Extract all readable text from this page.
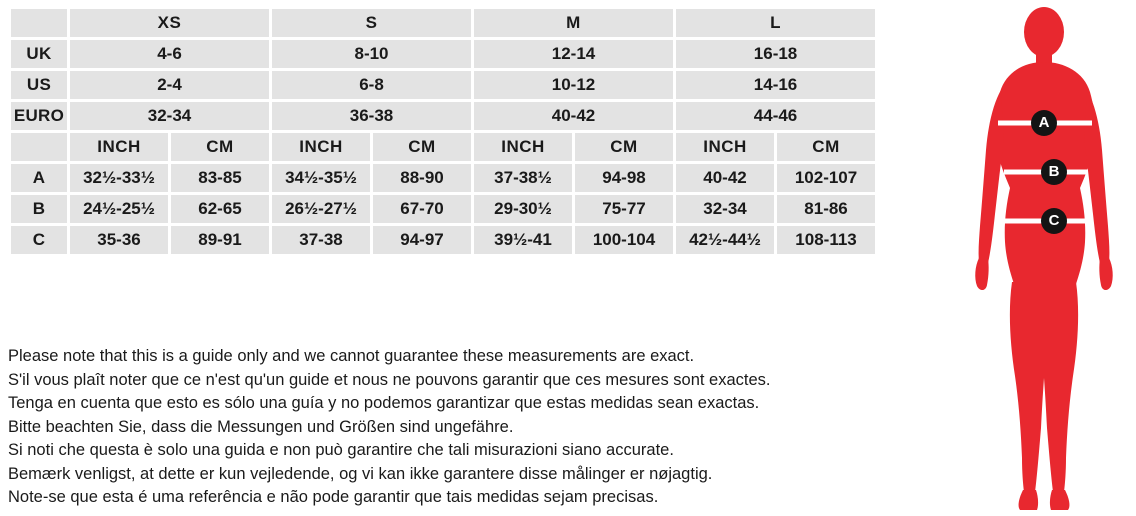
	XS		S		M		L	
UK	4-6		8-10		12-14		16-18	
US	2-4		6-8		10-12		14-16	
EURO	32-34		36-38		40-42		44-46	
	INCH	CM	INCH	CM	INCH	CM	INCH	CM
A	32½-33½	83-85	34½-35½	88-90	37-38½	94-98	40-42	102-107
B	24½-25½	62-65	26½-27½	67-70	29-30½	75-77	32-34	81-86
C	35-36	89-91	37-38	94-97	39½-41	100-104	42½-44½	108-113

Please note that this is a guide only and we cannot guarantee these measurements are exact.

S'il vous plaît noter que ce n'est qu'un guide et nous ne pouvons garantir que ces mesures sont exactes.

Tenga en cuenta que esto es sólo una guía y no podemos garantizar que estas medidas sean exactas.

Bitte beachten Sie, dass die Messungen und Größen sind ungefähre.

Si noti che questa è solo una guida e non può garantire che tali misurazioni siano accurate.

Bemærk venligst, at dette er kun vejledende, og vi kan ikke garantere disse målinger er nøjagtig.

Note-se que esta é uma referência e não pode garantir que tais medidas sejam precisas.

A
B
C
